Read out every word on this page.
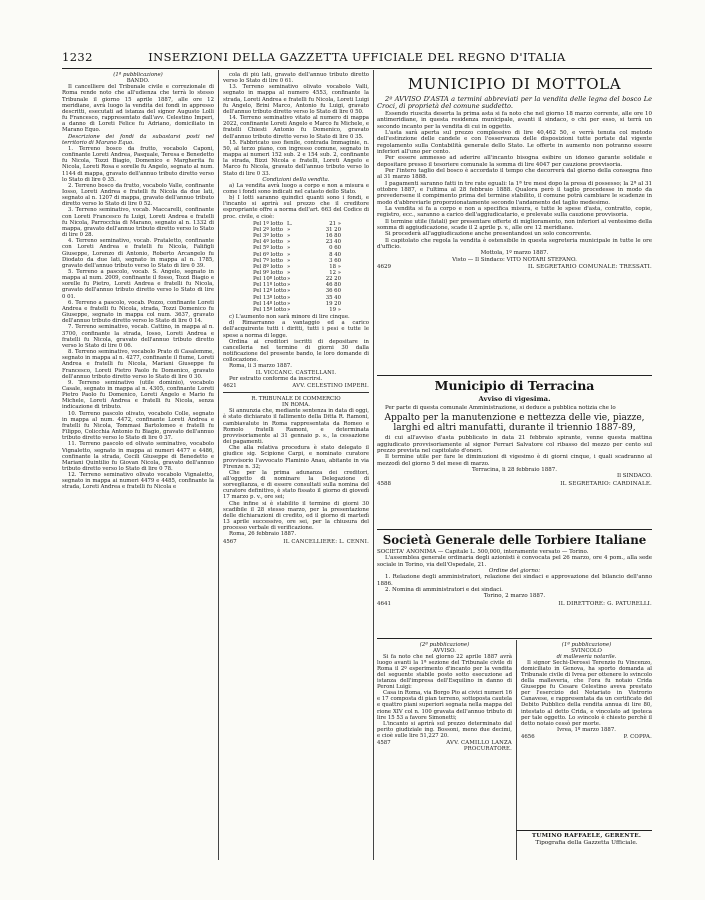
1232	INSERZIONI DELLA GAZZETTA UFFICIALE DEL REGNO D'ITALIA

(1ª pubblicazione)

BANDO.

Il cancelliere del Tribunale civile e correzionale di Roma rende noto che all'udienza che terrà lo stesso Tribunale il giorno 15 aprile 1887, alle ore 12 meridiane, avrà luogo la vendita dei fondi in appresso descritti, esecutati ad istanza del signor Augusto Lolli fu Francesco, rappresentato dall'avv. Celestino Imperi, a danno di Loreti Felice fu Adriano, domiciliato in Marano Equo.

Descrizione dei fondi da subastarsi posti nel territorio di Marano Equo.

1. Terreno bosco da frutto, vocabolo Caponi, confinante Loreti Andrea, Pasquale, Teresa e Benedetto fu Nicola, Tozzi Biagio, Domenico e Margherita fu Nicola, Loreti Rosa e sorelle fu Angelo, segnato al num. 1144 di mappa, gravato dell'annuo tributo diretto verso lo Stato di lire 0 35.

2. Terreno bosco da frutto, vocabolo Valle, confinante Iosso, Loreti Andrea e fratelli fu Nicola da due lati, segnato al n. 1207 di mappa, gravato dell'annuo tributo diretto verso lo Stato di lire 0 52.

3. Terreno seminativo, vocab. Maccarelli, confinante con Loreti Francesco fu Luigi, Loreti Andrea e fratelli fu Nicola, Parrocchia di Marano, segnato al n. 1332 di mappa, gravato dell'annuo tributo diretto verso lo Stato di lire 0 28.

4. Terreno seminativo, vocab. Prataletto, confinante con Loreti Andrea e fratelli fu Nicola, Falifigli Giuseppe, Lorenzo di Antonio, Roberto Arcangelo fu Diodato da due lati, segnato in mappa al n. 1785, gravato dell'annuo tributo verso lo Stato di lire 0 39.

5. Terreno a pascolo, vocab. S. Angelo, segnato in mappa al num. 2009, confinante il fosso, Tozzi Biagio e sorelle fu Pietro, Loreti Andrea e fratelli fu Nicola, gravato dell'annuo tributo diretto verso lo Stato di lire 0 01.

6. Terreno a pascolo, vocab. Pozzo, confinante Loreti Andrea e fratelli fu Nicola, strada, Tozzi Domenico fu Giuseppe, segnato in mappa col num. 3637, gravato dell'annuo tributo diretto verso lo Stato di lire 0 14.

7. Terreno seminativo, vocab. Cattino, in mappa al n. 3700, confinante la strada, Iosso, Loreti Andrea e fratelli fu Nicola, gravato dell'annuo tributo diretto verso lo Stato di lire 0 06.

8. Terreno seminativo, vocabolo Prato di Casalemme, segnato in mappa al n. 4277, confinante il fiume, Loreti Andrea e fratelli fu Nicola, Mariani Giuseppe fu Francesco, Loreti Pietro Paolo fu Domenico, gravato dell'annuo tributo diretto verso lo Stato di lire 0 30.

9. Terreno seminativo (utile dominio), vocabolo Casale, segnato in mappa al n. 4305, confinante Loreti Pietro Paolo fu Domenico, Loreti Angelo e Mario fu Michele, Loreti Andrea e fratelli fu Nicola, senza indicazione di tributo.

10. Terreno pascolo olivato, vocabolo Colle, segnato in mappa al num. 4472, confinante Loreti Andrea e fratelli fu Nicola, Tommasi Bartolomeo e fratelli fu Filippo, Colicchia Antonio fu Biagio, gravato dell'annuo tributo diretto verso lo Stato di lire 0 37.

11. Terreno pascolo ed olivato seminativo, vocabolo Vignaletto, segnato in mappa ai numeri 4477 e 4486, confinante la strada, Cecili Giuseppe di Benedetto e Mariani Quintilio fu Giovan Nicola, gravato dell'annuo tributo diretto verso lo Stato di lire 0 78.

12. Terreno seminativo olivato vocabolo Vignaletto, segnato in mappa ai numeri 4479 e 4485, confinante la strada, Loreti Andrea e fratelli fu Nicola e

cola di più lati, gravato dell'annuo tributo diretto verso lo Stato di lire 0 61.

13. Terreno seminativo olivato vocabolo Valli, segnato in mappa al numero 4553, confinante la strada, Loreti Andrea e fratelli fu Nicola, Loreti Luigi fu Angelo, Brini Marco, Antonio fu Luigi, gravato dell'annuo tributo diretto verso lo Stato di lire 0 50.

14. Terreno seminativo vitato al numero di mappa 2022, confinante Loreti Angelo e Marco fu Michele, e fratelli Chiesti Antonio fu Domenico, gravato dell'annuo tributo diretto verso lo Stato di lire 0 35.

15. Fabbricato uso fienile, contrada Immaginie, n. 50, al terzo piano, con ingresso comune, segnato in mappa ai numeri 152 sub. 2 e 154 sub. 2, confinante la strada, Bizzi Nicola e fratelli, Loreti Angelo e Marco fu Nicola, gravato dell'annuo tributo verso lo Stato di lire 0 33.

Condizioni della vendita.

a) La vendita avrà luogo a corpo e non a misura e come i fondi sono indicati nel catasto dello Stato.

b) I lotti saranno quindici quanti sono i fondi, e l'incanto si aprirà sul prezzo che il creditore espropriante offre a norma dell'art. 663 del Codice di proc. civile, e cioè:

Pel 1º lotto L.	21 »
Pel 2º lotto »	31 20
Pel 3º lotto »	16 80
Pel 4º lotto »	23 40
Pel 5º lotto »	0 60
Pel 6º lotto »	8 40
Pel 7º lotto »	3 60
Pel 8º lotto »	18 »
Pel 9º lotto »	12 »
Pel 10º lotto »	22 20
Pel 11º lotto »	46 80
Pel 12º lotto »	36 60
Pel 13º lotto »	35 40
Pel 14º lotto »	19 20
Pel 15º lotto »	19 »

c) L'aumento non sarà minore di lire cinque.

d) Rimarranno a vantaggio ed a carico dell'acquirente tutti i diritti, tutti i pesi e tutte le spese a norma di legge.

Ordina ai creditori iscritti di depositare in cancelleria nel termine di giorni 30 dalla notificazione del presente bando, le loro domande di collocazione.

Roma, li 3 marzo 1887.

IL VICCANC. CASTELLANI.

Per estratto conforme da inscrirsi.

4621	AVV. CELESTINO IMPERI.

R. TRIBUNALE DI COMMERCIO

IN ROMA.

Si annunzia che, mediante sentenza in data di oggi, è stato dichiarato il fallimento della Ditta R. Ramoni, cambiavalute in Roma rappresentata da Romeo e Romolo fratelli Ramoni, e determinata provvisoriamente al 31 gennaio p. s., la cessazione dei pagamenti.

Che alla relativa procedura è stato delegato il giudice sig. Scipione Carpi, e nominato curatore provvisorio l'avvocato Flaminio Anau, abitante in via Firenze n. 32;

Che per la prima adunanza dei creditori, all'oggetto di nominare la Delegazione di sorveglianza, e di essere consultati sulla nomina del curatore definitivo, è stato fissato il giorno di giovedì 17 marzo p. v., ore sei;

Che infine si è stabilito il termine di giorni 30 scadibile il 28 stesso marzo, per la presentazione delle dichiarazioni di credito, ed il giorno di martedì 13 aprile successivo, ore sei, per la chiusura del processo verbale di verificazione.

Roma, 26 febbraio 1887.

4567	IL CANCELLIERE: L. CENNI.
MUNICIPIO DI MOTTOLA

2º AVVISO D'ASTA a termini abbreviati per la vendita delle legna del bosco Le Croci, di proprietà del comune suddetto.

Essendo riuscita deserta la prima asta si fa noto che nel giorno 18 marzo corrente, alle ore 10 antimeridiane, in questa residenza municipale, avanti il sindaco, o chi per esso, si terrà un secondo incanto per la vendita di cui in oggetto.

L'asta sarà aperta sul prezzo complessivo di lire 40,462 50, e verrà tenuta col metodo dell'estinzione delle candele e con l'osservanza delle disposizioni tutte portate dal vigente regolamento sulla Contabilità generale dello Stato. Le offerte in aumento non potranno essere inferiori all'uno per cento.

Per essere ammesso ad aderire all'incanto bisogna esibire un idoneo garante solidale e depositare presso il tesoriere comunale la somma di lire 4047 per cauzione provvisoria.

Per l'intero taglio del bosco è accordato il tempo che decorrerà dal giorno della consegna fino al 31 marzo 1888.

I pagamenti saranno fatti in tre rate eguali: la 1ª tre mesi dopo la presa di possesso; la 2ª al 31 ottobre 1887, e l'ultima al 28 febbraio 1888. Qualora però il taglio procedesse in modo da prevedersene il compimento prima del termine stabilito, il comune potrà cambiare le scadenze in modo d'abbreviarle proporzionatamente secondo l'andamento del taglio medesimo.

La vendita si fa a corpo e non a specifica misura, e tutte le spese d'asta, contratto, copie, registro, ecc., saranno a carico dell'aggiudicatario, e prelevate sulla cauzione provvisoria.

Il termine utile (fatali) per presentare offerte di miglioramento, non inferiori al ventesimo della somma di aggiudicazione, scade il 2 aprile p. v., alle ore 12 meridiane.

Si procederà all'aggiudicazione anche presentandosi un solo concorrente.

Il capitolato che regola la vendita è ostensibile in questa segreteria municipale in tutte le ore d'ufficio.

Mottola, 1º marzo 1887.

Visto — Il Sindaco: VITO NOTARI STEFANO.

4629	IL SEGRETARIO COMUNALE: TRESSATI.
Municipio di Terracina
Avviso di vigesima.

Per parte di questa comunale Amministrazione, si deduce a pubblica notizia che lo

Appalto per la manutenzione e nettezza delle vie, piazze, larghi ed altri manufatti, durante il triennio 1887-89,

di cui all'avviso d'asta pubblicato in data 21 febbraio spirante, venne questa mattina aggiudicato provvisoriamente al signor Ferrari Salvatore col ribasso del mezzo per cento sul prezzo prevista nel capitolato d'oneri.

Il termine utile per fare le diminuzioni di vigesimo è di giorni cinque, i quali scadranno al mezzodì del giorno 5 del mese di marzo.

Terracina, li 28 febbraio 1887.

Il SINDACO.

4588	IL SEGRETARIO: CARDINALE.
Società Generale delle Torbiere Italiane

SOCIETA' ANONIMA — Capitale L. 500,000, interamente versato — Torino.

L'assemblea generale ordinaria degli azionisti è convocata pel 26 marzo, ore 4 pom., alla sede sociale in Torino, via dell'Ospedale, 21.

Ordine del giorno:

1. Relazione degli amministratori, relazione dei sindaci e approvazione del bilancio dell'anno 1886.

2. Nomina di amministratori e dei sindaci.

Torino, 2 marzo 1887.

4641	IL DIRETTORE: G. PATURELLI.

(2ª pubblicazione)

AVVISO.

Si fa noto che nel giorno 22 aprile 1887 avrà luogo avanti la 1ª sezione del Tribunale civile di Roma il 2º esperimento d'incanto per la vendita del seguente stabile posto sotto esecuzione ad istanza dell'impresa dell'Esquilino in danno di Peroni Luigi:

Casa in Roma, via Borgo Pio ai civici numeri 16 e 17 composta di pian terreno, sottoposta cautela e quattro piani superiori segnata nella mappa del rione XIV col n. 100 gravata dell'annuo tributo di lire 15 53 a favore Simonetti;

L'incanto si aprirà sul prezzo determinato dal perito giudiziale ing. Bossoni, meno due decimi, e cioè sulle lire 51,227 20.

4587	AVV. CAMILLO LANZA PROCURATORE.

(1ª pubblicazione)

SVINCOLO

di malleveria notarile.

Il signor Sechi-Derossi Terenzio fu Vincenzo, domiciliato in Genova, ha sporto domanda al Tribunale civile di Ivrea per ottenere lo svincolo della malleveria, che l'ora fu notaio Crida Giuseppe fu Cesare Celestino aveva prestato per l'esercizio del Notariato in Vistrorio Canavese, e rappresentata da un certificato del Debito Pubblico della rendita annua di lire 80, intestato al detto Crida, e vincolato ad ipoteca per tale oggetto. Lo svincolo è chiesto perchè il detto notaio cessò per morte.

Ivrea, 1º marzo 1887.

4656	P. COPPA.
TUMINO RAFFAELE, GERENTE.
Tipografia della Gazzetta Ufficiale.
